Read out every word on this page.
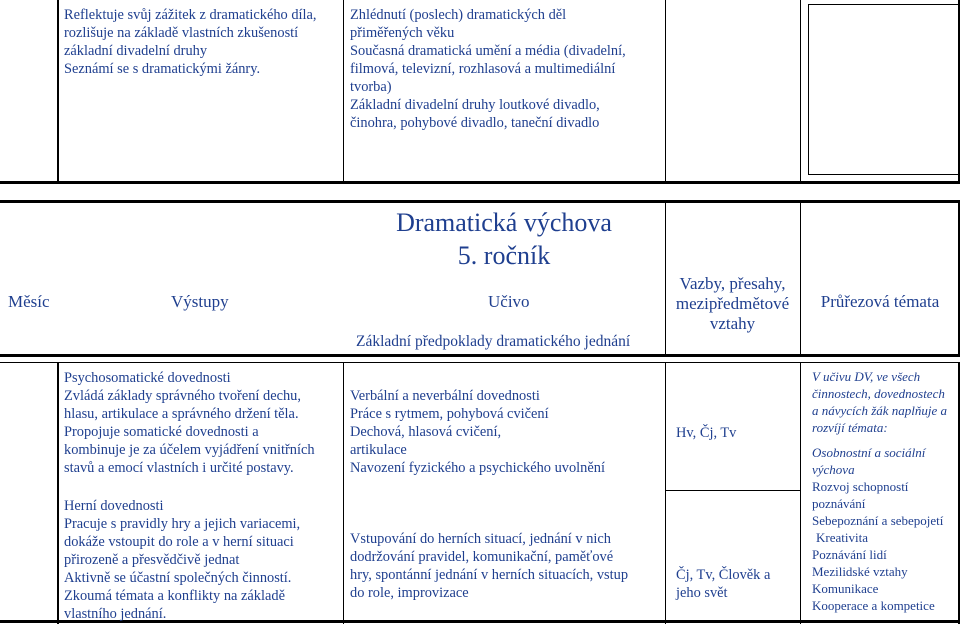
Reflektuje svůj zážitek z dramatického díla,
rozlišuje na základě vlastních zkušeností
základní divadelní druhy
Seznámí se s dramatickými žánry.
Zhlédnutí (poslech) dramatických děl
přiměřených věku
Současná dramatická umění a média (divadelní,
filmová, televizní, rozhlasová a multimediální
tvorba)
Základní divadelní druhy loutkové divadlo,
činohra, pohybové divadlo, taneční divadlo
Dramatická výchova
5. ročník
Měsíc	Výstupy	Učivo
Vazby, přesahy,
mezipředmětové
vztahy
Průřezová témata
Základní předpoklady dramatického jednání
Psychosomatické dovednosti
Zvládá základy správného tvoření dechu,
hlasu, artikulace a správného držení těla.
Propojuje somatické dovednosti a
kombinuje je za účelem vyjádření vnitřních
stavů a emocí vlastních i určité postavy.
Herní dovednosti
Pracuje s pravidly hry a jejich variacemi,
dokáže vstoupit do role a v herní situaci
přirozeně a přesvědčivě jednat
Aktivně se účastní společných činností.
Zkoumá témata a konflikty na základě
vlastního jednání.
Verbální a neverbální dovednosti
Práce s rytmem, pohybová cvičení
Dechová, hlasová cvičení,
artikulace
Navození fyzického a psychického uvolnění
Vstupování do herních situací, jednání v nich
dodržování pravidel, komunikační, paměťové
hry, spontánní jednání v herních situacích, vstup
do role, improvizace
Hv, Čj, Tv
Čj, Tv, Člověk a
jeho svět
V učivu DV, ve všech
činnostech, dovednostech
a návycích žák naplňuje a
rozvíjí témata:
Osobnostní a sociální
výchova
Rozvoj schopností
poznávání
Sebepoznání a sebepojetí
Kreativita
Poznávání lidí
Mezilidské vztahy
Komunikace
Kooperace a kompetice
